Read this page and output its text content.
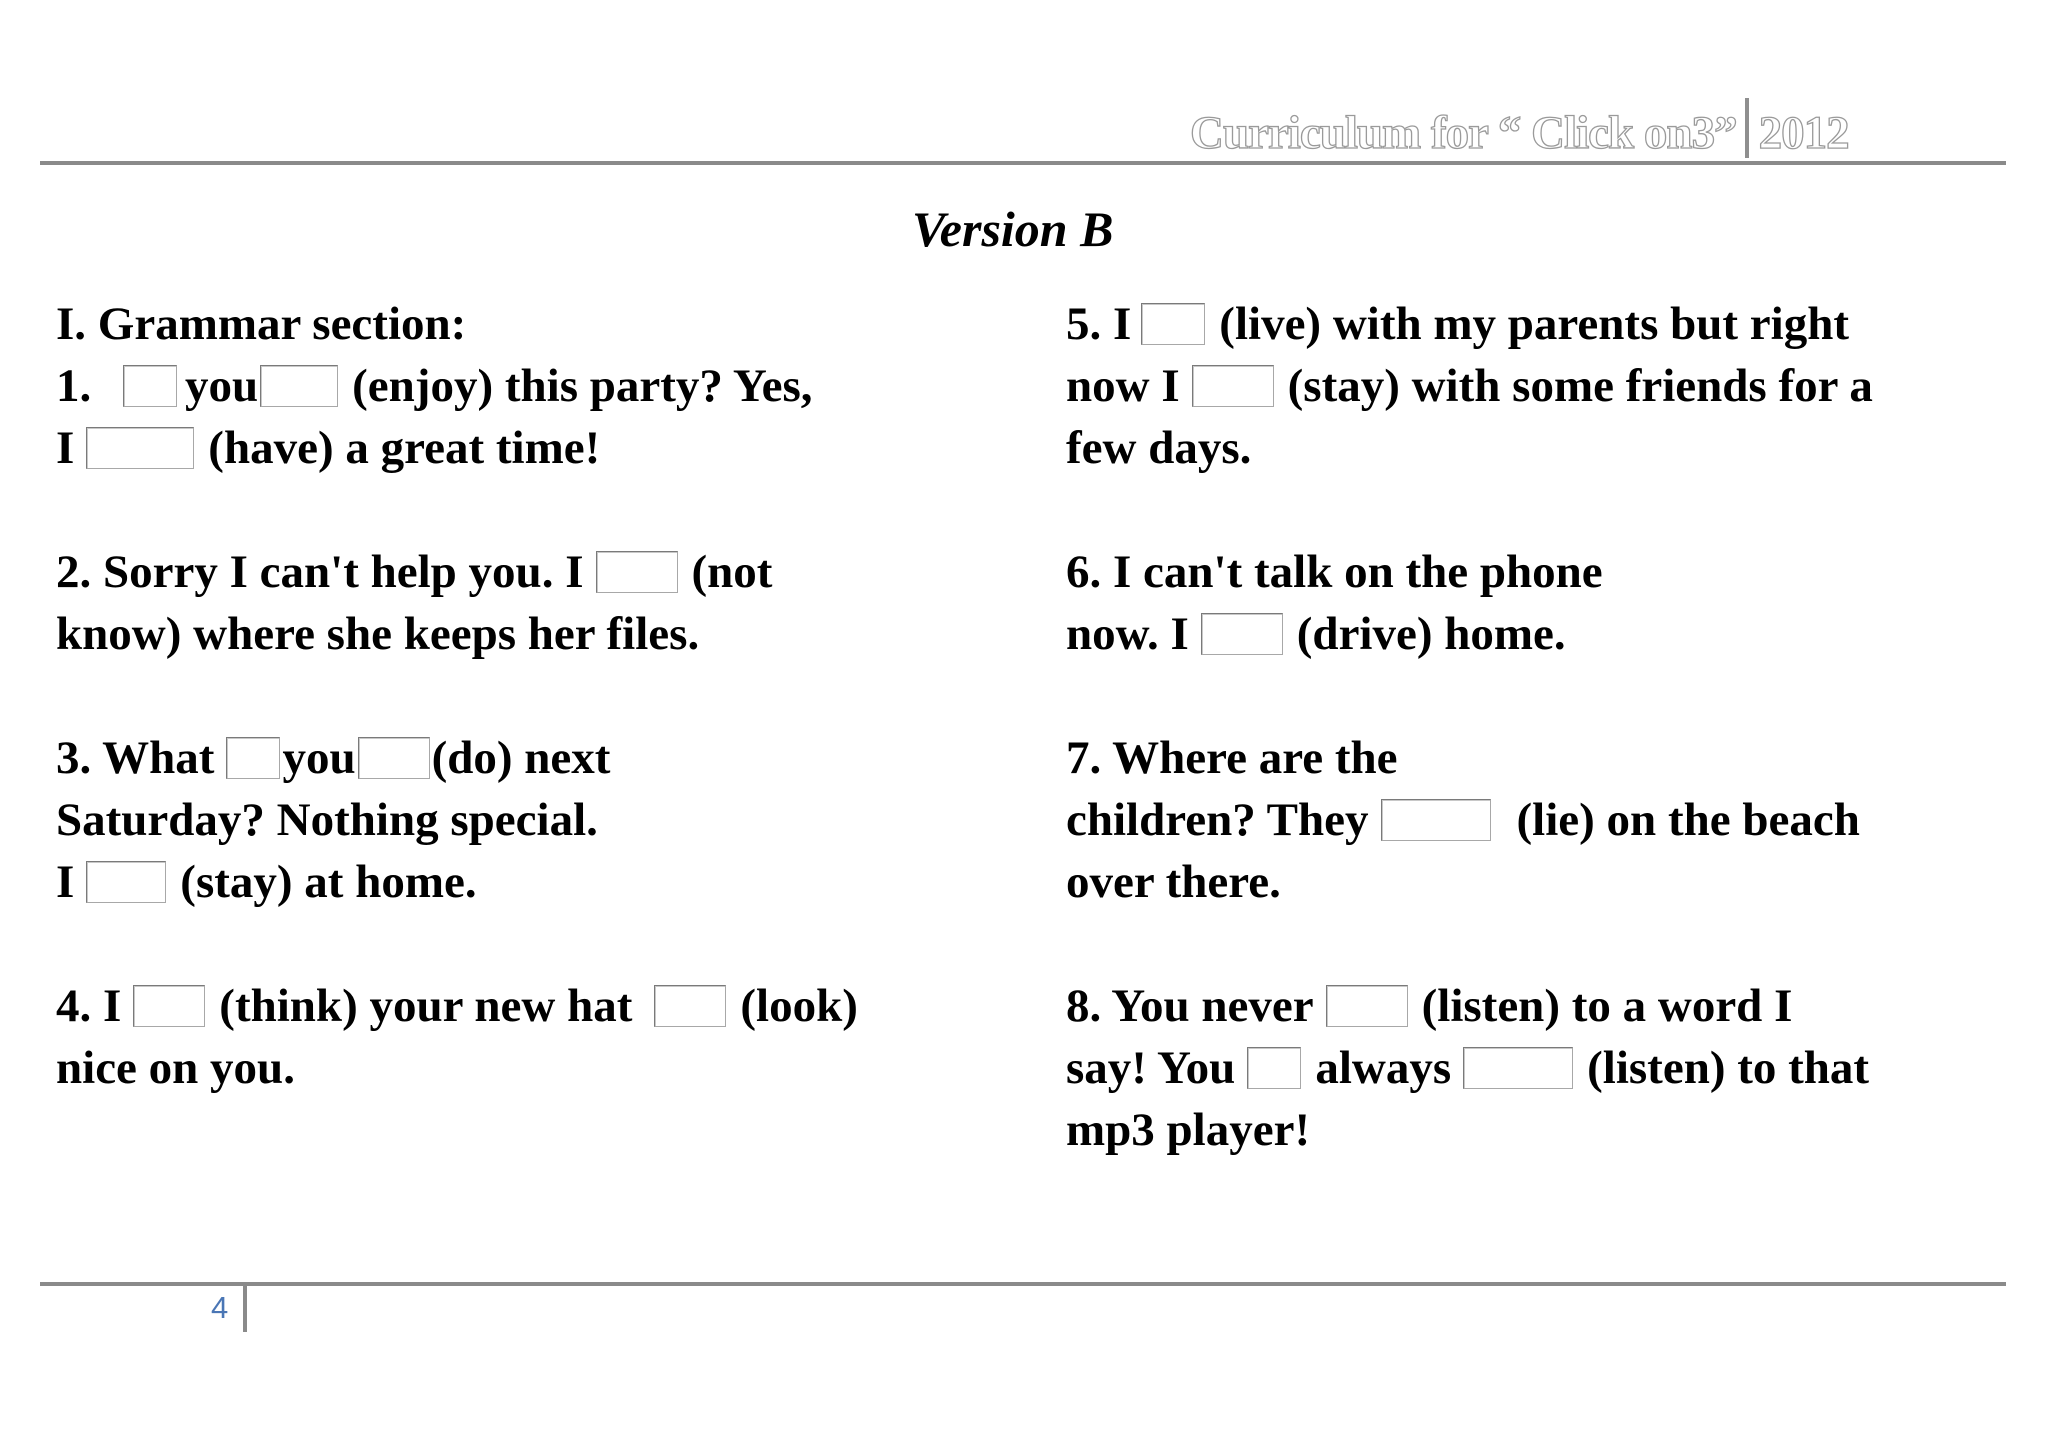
Curriculum for “ Click on3” 2012
Version B
I. Grammar section:
1. you (enjoy) this party? Yes,
I	(have) a great time!
2. Sorry I can't help you. I (not
know) where she keeps her files.
3. What you (do) next
Saturday? Nothing special.
I (stay) at home.
4. I (think) your new hat (look)
nice on you.
5. I (live) with my parents but right
now I (stay) with some friends for a
few days.
6. I can't talk on the phone
now. I (drive) home.
7. Where are the
children? They	(lie) on the beach
over there.
8. You never (listen) to a word I
say! You always	(listen) to that
mp3 player!
4
